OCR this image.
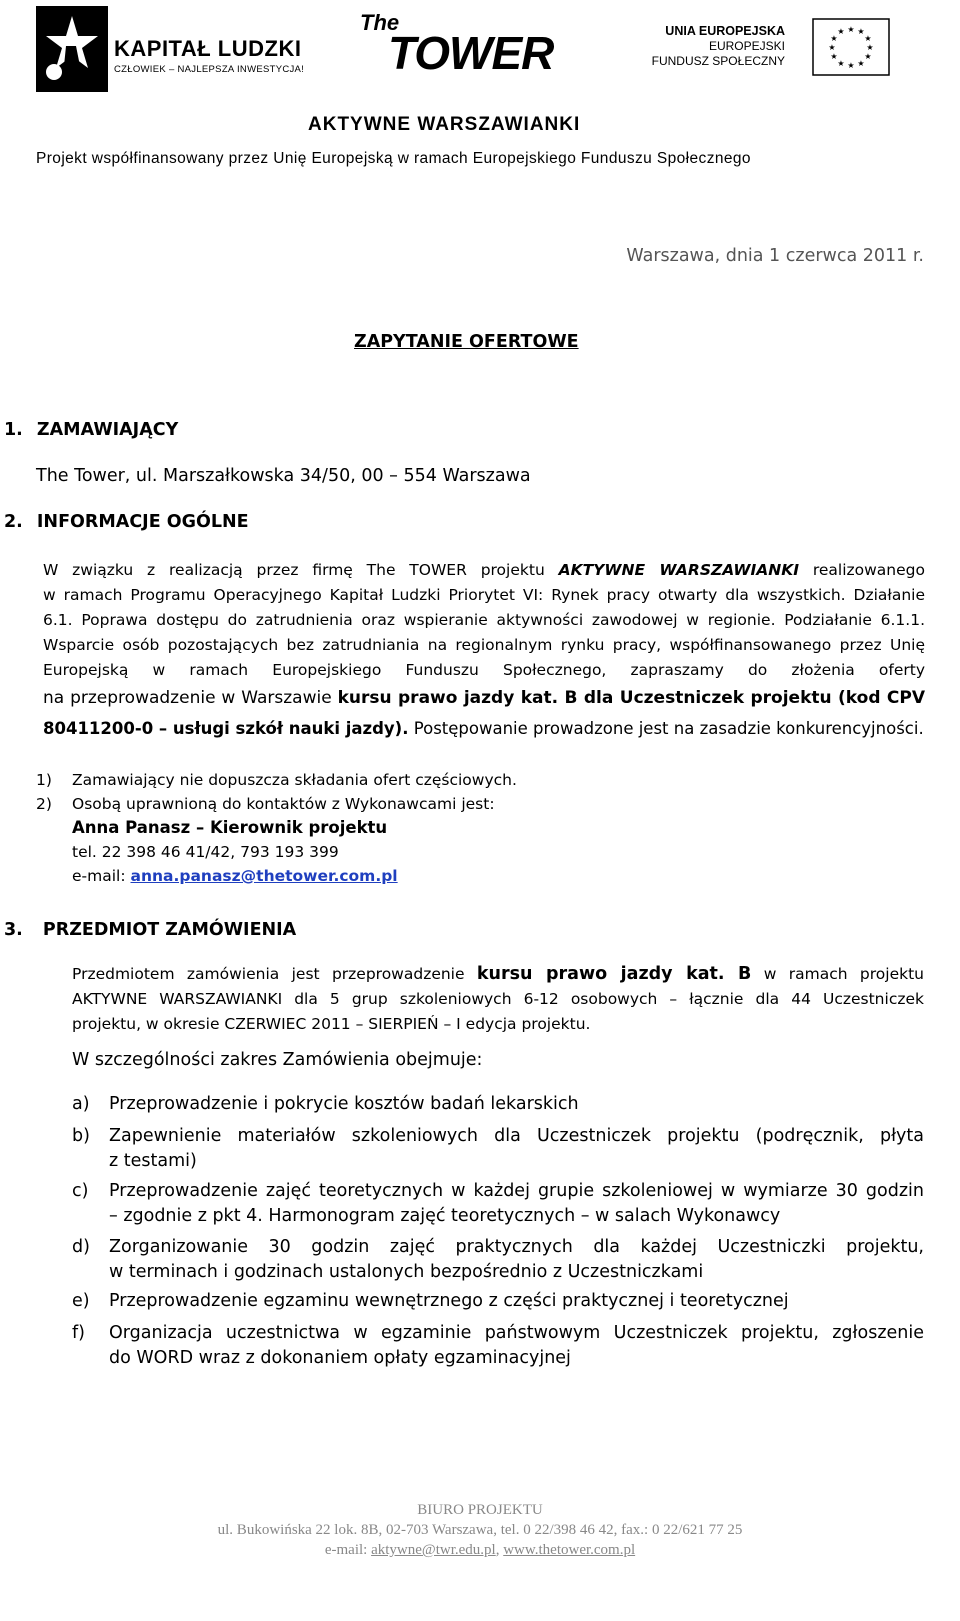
KAPITAŁ LUDZKI
CZŁOWIEK – NAJLEPSZA INWESTYCJA!
The
TOWER	UNIA EUROPEJSKA
EUROPEJSKI
FUNDUSZ SPOŁECZNY
★ ★
★
★
★
★
★
★
★
★
★
★
AKTYWNE WARSZAWIANKI
Projekt współfinansowany przez Unię Europejską w ramach Europejskiego Funduszu Społecznego
Warszawa, dnia 1 czerwca 2011 r.
ZAPYTANIE OFERTOWE
1. ZAMAWIAJĄCY
The Tower, ul. Marszałkowska 34/50, 00 – 554 Warszawa
2. INFORMACJE OGÓLNE
W związku z realizacją przez firmę The TOWER projektu AKTYWNE WARSZAWIANKI realizowanego
w ramach Programu Operacyjnego Kapitał Ludzki Priorytet VI: Rynek pracy otwarty dla wszystkich. Działanie
6.1. Poprawa dostępu do zatrudnienia oraz wspieranie aktywności zawodowej w regionie. Podziałanie 6.1.1.
Wsparcie osób pozostających bez zatrudniania na regionalnym rynku pracy, współfinansowanego przez Unię
Europejską w ramach Europejskiego Funduszu Społecznego, zapraszamy do złożenia oferty
na przeprowadzenie w Warszawie kursu prawo jazdy kat. B dla Uczestniczek projektu (kod CPV
80411200-0 – usługi szkół nauki jazdy). Postępowanie prowadzone jest na zasadzie konkurencyjności.
1) Zamawiający nie dopuszcza składania ofert częściowych.
2) Osobą uprawnioną do kontaktów z Wykonawcami jest:
Anna Panasz – Kierownik projektu
tel. 22 398 46 41/42, 793 193 399
e-mail: anna.panasz@thetower.com.pl
3. PRZEDMIOT ZAMÓWIENIA
Przedmiotem zamówienia jest przeprowadzenie kursu prawo jazdy kat. B w ramach projektu
AKTYWNE WARSZAWIANKI dla 5 grup szkoleniowych 6-12 osobowych – łącznie dla 44 Uczestniczek
projektu, w okresie CZERWIEC 2011 – SIERPIEŃ – I edycja projektu.
W szczególności zakres Zamówienia obejmuje:
a) Przeprowadzenie i pokrycie kosztów badań lekarskich
b) Zapewnienie materiałów szkoleniowych dla Uczestniczek projektu (podręcznik, płyta
z testami)
c) Przeprowadzenie zajęć teoretycznych w każdej grupie szkoleniowej w wymiarze 30 godzin
– zgodnie z pkt 4. Harmonogram zajęć teoretycznych – w salach Wykonawcy
d) Zorganizowanie 30 godzin zajęć praktycznych dla każdej Uczestniczki projektu,
w terminach i godzinach ustalonych bezpośrednio z Uczestniczkami
e) Przeprowadzenie egzaminu wewnętrznego z części praktycznej i teoretycznej
f) Organizacja uczestnictwa w egzaminie państwowym Uczestniczek projektu, zgłoszenie
do WORD wraz z dokonaniem opłaty egzaminacyjnej
BIURO PROJEKTU
ul. Bukowińska 22 lok. 8B, 02-703 Warszawa, tel. 0 22/398 46 42, fax.: 0 22/621 77 25
e-mail: aktywne@twr.edu.pl, www.thetower.com.pl
